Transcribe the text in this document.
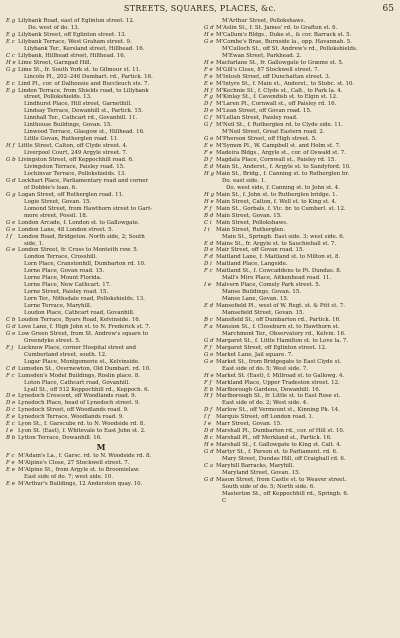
STREETS, SQUARES, PLACES, &c.	65
E g Lilybank Road, east of Eglinton street. 12.
Do. west of do. 13.
E g Lilybank Street, off Eglinton street. 13.
E c Lilybank Terrace, West Graham street. 9.
Lilybank Ter., Kersland street, Hillhead. 16.
C c Lilybank, Hillhead street, Hillhead. 16.
H e Lime Street, Garngad Hill.
G g Lime St., fr. South York st. to Gilmour st. 11.
Lincoln Pl., 202–246 Dumbart. rd., Partick. 16.
E c Lind Pl., cor. of Dalhousie and Buccleuch sts. 7.
E g Linden Terrace, from Shields road, to Lillybank
street, Pollokshields. 13.
Lindhurst Place, Hill street, Garnethill.
Lindsay Terrace, Dowanhill st., Partick. 15.
Linnhall Ter., Cathcart rd., Govanhill. 11.
Linthouse Buildings, Govan. 15.
Linwood Terrace, Glasgow st., Hillhead. 16.
Little Govan, Rutherglen road. 11.
H f Little Street, Calton, off Clyde street. 4.
Liverpool Court, 249 Argyle street. 7.
G b Livingston Street, off Keppochhill road. 6.
Livingston Terrace, Paisley road. 15.
Lochinvar Terrace, Pollokshields. 13.
G d Lockhart Place, Parliamentary road and corner
of Dobbie's loan. 6.
G g Logan Street, off Rutherglen road. 11.
Logie Street, Govan. 15.
Lomond Street, from Hawthorn street to Gart-
more street, Possil. 18.
G e London Arcade, f. London st. to Gallowgate.
G e London Lane, 48 London street. 5.
I f	London Road, Bridgeton. North side, 2; South
side, 1.
G e London Street, fr. Cross to Monteith row. 5.
London Terrace, Crosshill.
Lorn Place, Cranstonhill, Dumbarton rd. 10.
Lorne Place, Govan road. 15.
Lorne Place, Mount Florida.
Lorne Place, New Cathcart. 17.
Lorne Street, Paisley road. 15.
Lorn Ter., Nithsdale road, Pollokshields. 13.
Lorne Terrace, Maryhill.
Loudon Place, Cathcart road, Govanhill.
C b Loudon Terrace, Byars Road, Kelvinside. 16.
G d Love Lane, f. High John st. to N. Frederick st. 7.
G e Low Green Street, from St. Andrew's square to
Greendyke street. 5.
F j Lucknow Place, corner Hospital street and
Cumberland street, south. 12.
Lugar Place, Montgomerie st., Kelvinside.
C d Lumsden St., Overnewton, Old Dumbart. rd. 10.
F c Lumsden's Model Buildings, Roslin place. 8.
Luton Place, Cathcart road, Govanhill.
Lyall St., off 512 Keppochhill rd., Keppoch. 6.
D e Lynedoch Crescent, off Woodlands road. 9.
D e Lynedoch Place, head of Lynedoch street. 9.
D c Lynedoch Street, off Woodlands road. 9.
E e Lynedoch Terrace, Woodlands road. 9.
E c Lyon St., f. Garscube rd. to N. Woodside rd. 8.
I e Lyon St. (East), f. Whitevale to East John st. 2.
B b Lytton Terrace, Dowanhill. 16.
M
F c M'Adam's La., f. Garsc. rd. to N. Woodside rd. 8.
F e M'Alpine's Close, 27 Stockwell street. 7.
E e M'Alpine St., from Argyle st. to Broomielaw.
East side of do. 7; west side. 10.
E e M'Arthur's Buildings, 12 Anderston quay. 10.
M'Arthur Street, Pollokshaws.
G d M'Aslin St., f. St. James' rd. to Grafton st. 6.
H e M'Callum's Bldgs., Duke st., & cor. Barrack st. 5.
G e M'Combe's Brae, Burnside la., opp. Havannah. 5.
M'Culloch St., off St. Andrew's rd., Pollokshields.
M'Ewan Street, Parkhead. 2.
H e Macfarlane St., fr. Gallowgate to Græme st. 5.
F e M'Gill's Close, 87 Stockwell street. 7.
F e M'Intosh Street, off Dunchattan street. 3.
E e M'Intyre St., f. Main st., Anderst., to Stobc. st. 10.
H f M'Kechnie St., f. Clyde st., Calt., to Park la. 4.
F g M'Kinlay St., f. Cavendish st. to Elgin st. 12.
D f M'Laren Pl., Cornwall st., off Paisley rd. 16.
D e M'Lean Street, off Govan road. 15.
C f M'Lellan Street, Paisley road.
G f M'Neil St., f. Rutherglen rd. to Clyde side. 11.
M'Neil Street, Great Eastern road. 2.
G e M'Pherson Street, off High street. 5.
E e M'Symon Pl., W. Campbell st. and Holm st. 7.
F e Madeira Bldgs., Argyle st., cor. of Oswald st. 7.
D f Magdala Place, Cornwall st., Paisley rd. 15.
E d Main St., Anderst., f. Argyle st. to Sandyford. 10.
H g Main St., Bridg., f. Canning st. to Rutherglen br.
Do. east side. 1.
Do. west side, f. Canning st. to John st. 4.
H g Main St., f. John st. to Rutherglen bridge. 1.
H e Main Street, Calton, f. Well st. to King st. 4.
F f Main St., Gorbals, f. Vic. br. to Cumberl. st. 12.
B d Main Street, Govan. 15.
C i Main Street, Pollokshaws.
I i	Main Street, Rutherglen.
Main St., Springb. East side. 3; west side. 6.
E d Mains St., fr. Argyle st. to Sauchiehall st. 7.
D e Mair Street, off Govan road. 15.
F d Maitland Lane, f. Maitland st. to Milton st. 8.
D i Maitland Place, Langside.
F c Maitland St., f. Cowcaddens to Pt. Dundas. 8.
Mall's Mire Place, Aitkenhead road. 11.
I e Malvern Place, Comely Park street. 5.
Manse Buildings, Govan. 15.
Manse Lane, Govan. 15.
E d Mansefield Pl., west of W. Regt. st. & Pitt st. 7.
Mansefield Street, Govan. 15.
B c Mansfield St., off Dumbarton rd., Partick. 16.
F a Mansion St., f. Closeburn st. to Hawthorn st.
Marchmont Ter., Observatory rd., Kelvin. 16.
G d Margaret St., f. Little Hamilton st. to Love la. 7.
F f Margaret Street, off Eglinton street. 12.
G e Market Lane, Jail square. 7.
G e Market St., from Bridgegate to East Clyde st.
East side of do. 5; West side. 7.
H e Market St. (East), f. Millroad st. to Gallowg. 4.
F f Markland Place, Upper Tradeston street. 12.
E b Marlborough Gardens, Dowanhill. 16.
H f Marlborough St., fr. Little st. to East Rose st.
East side of do. 2; West side. 4.
D f Marlow St., off Vermount st., Kinning Pk. 14.
I f	Marquis Street, off London road. 1.
I e Marr Street, Govan. 15.
D d Marshall Pl., Dumbarton rd., cor. of Hill st. 10.
B c Marshall Pl., off Merkland st., Partick. 16.
H e Marshall St., f. Gallowgate to King st. Calt. 4.
G d Martyr St., f. Parson st. to Parliament. rd. 6.
Mary Street, Dundas Hill, off Craighall rd. 6.
C a Maryhill Barracks, Maryhill.
Maryland Street, Govan. 15.
G d Mason Street, from Castle st. to Weaver street.
South side of do. 5; North side. 6.
Masterton St., off Keppochhill rd., Springb. 6.
C
